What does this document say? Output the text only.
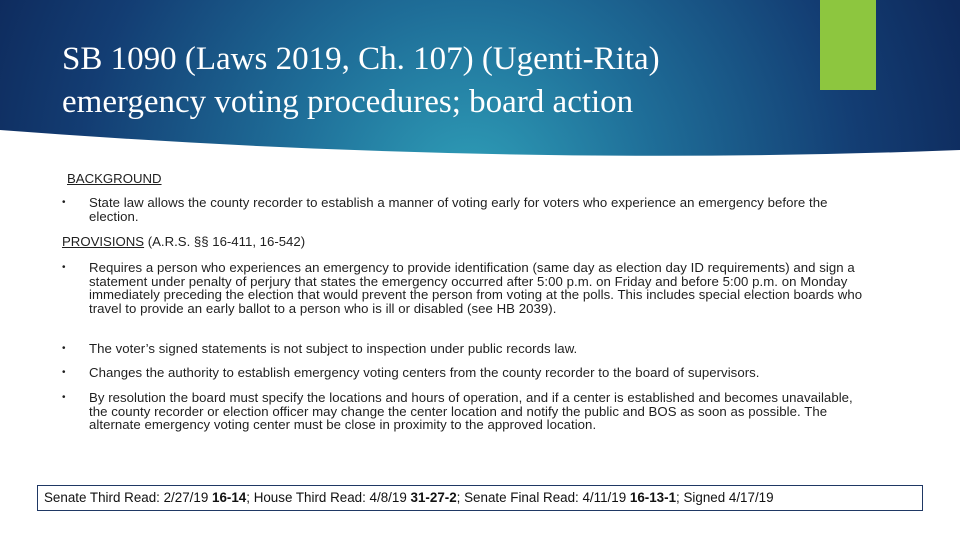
SB 1090 (Laws 2019, Ch. 107) (Ugenti-Rita)
emergency voting procedures; board action
BACKGROUND
• State law allows the county recorder to establish a manner of voting early for voters who experience an emergency before the election.
PROVISIONS (A.R.S. §§ 16-411, 16-542)
• Requires a person who experiences an emergency to provide identification (same day as election day ID requirements) and sign a statement under penalty of perjury that states the emergency occurred after 5:00 p.m. on Friday and before 5:00 p.m. on Monday immediately preceding the election that would prevent the person from voting at the polls. This includes special election boards who travel to provide an early ballot to a person who is ill or disabled (see HB 2039).
• The voter’s signed statements is not subject to inspection under public records law.
• Changes the authority to establish emergency voting centers from the county recorder to the board of supervisors.
• By resolution the board must specify the locations and hours of operation, and if a center is established and becomes unavailable, the county recorder or election officer may change the center location and notify the public and BOS as soon as possible. The alternate emergency voting center must be close in proximity to the approved location.
Senate Third Read: 2/27/19 16-14; House Third Read: 4/8/19 31-27-2; Senate Final Read: 4/11/19 16-13-1; Signed 4/17/19
